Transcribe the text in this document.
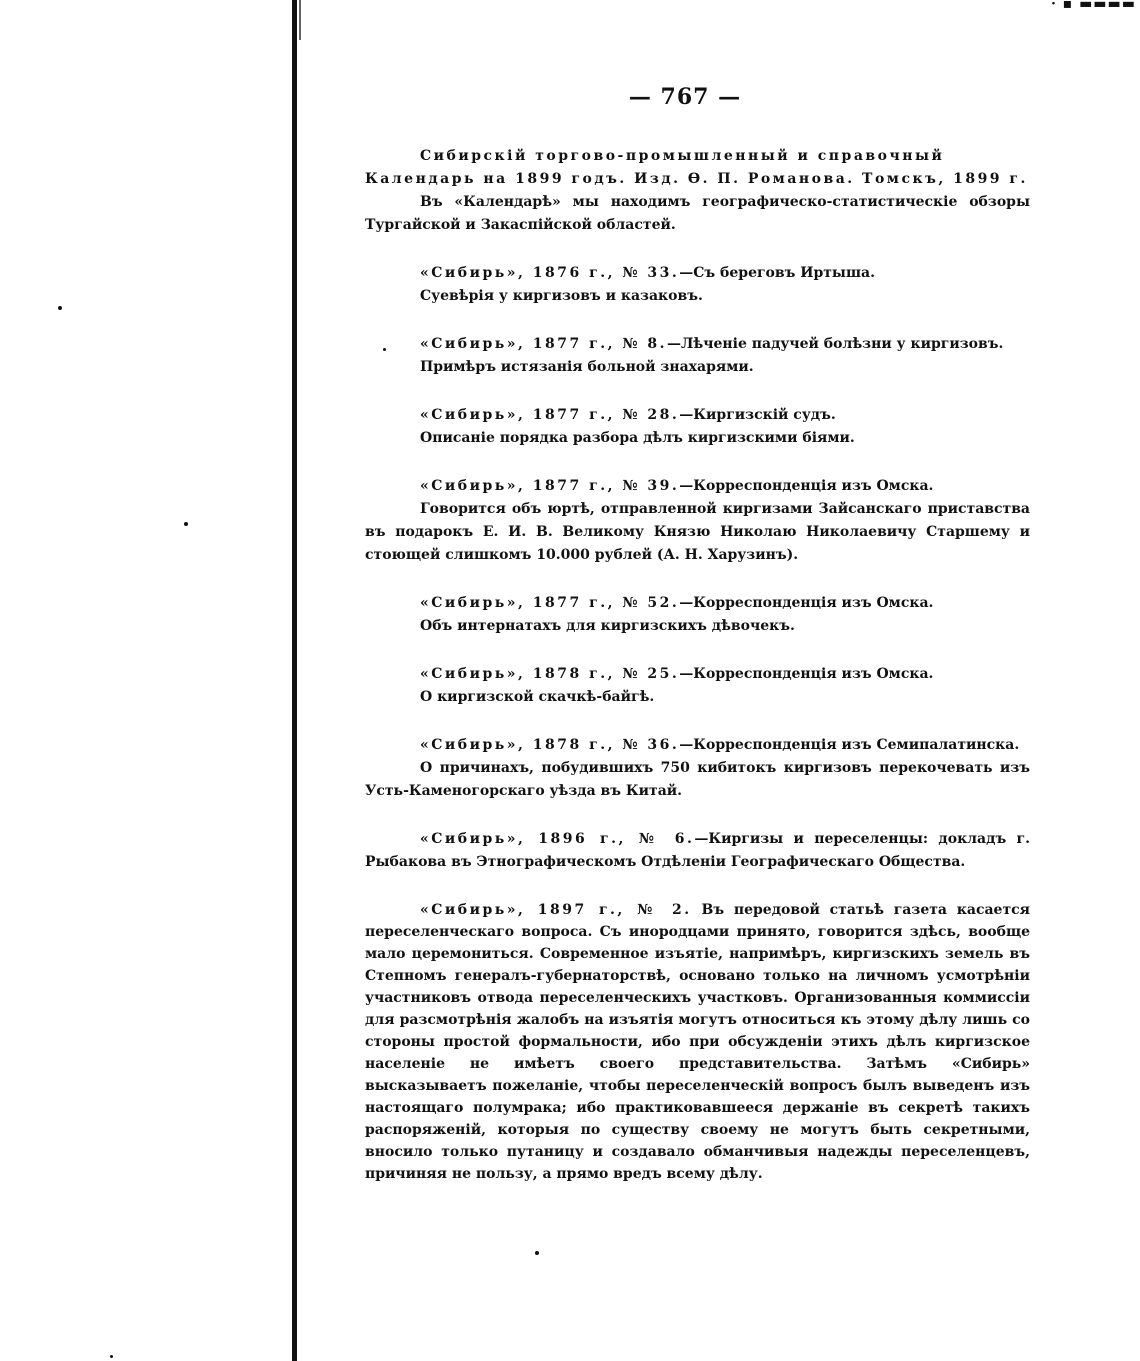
· ▪ ▬▬▬▬
— 767 —

Сибирскій торгово-промышленный и справочный

Календарь на 1899 годъ. Изд. Ѳ. П. Романова. Томскъ, 1899 г.

Въ «Календарѣ» мы находимъ географическо-статистическіе обзоры Тургайской и Закаспійской областей.

«Сибирь», 1876 г., № 33.—Съ береговъ Иртыша.

Суевѣрія у киргизовъ и казаковъ.

«Сибирь», 1877 г., № 8.—Лѣченіе падучей болѣзни у киргизовъ.

Примѣръ истязанія больной знахарями.

«Сибирь», 1877 г., № 28.—Киргизскій судъ.

Описаніе порядка разбора дѣлъ киргизскими біями.

«Сибирь», 1877 г., № 39.—Корреспонденція изъ Омска.

Говорится объ юртѣ, отправленной киргизами Зайсанскаго приставства въ подарокъ Е. И. В. Великому Князю Николаю Николаевичу Старшему и стоющей слишкомъ 10.000 рублей (А. Н. Харузинъ).

«Сибирь», 1877 г., № 52.—Корреспонденція изъ Омска.

Объ интернатахъ для киргизскихъ дѣвочекъ.

«Сибирь», 1878 г., № 25.—Корреспонденція изъ Омска.

О киргизской скачкѣ-байгѣ.

«Сибирь», 1878 г., № 36.—Корреспонденція изъ Семипалатинска.

О причинахъ, побудившихъ 750 кибитокъ киргизовъ перекочевать изъ Усть-Каменогорскаго уѣзда въ Китай.

«Сибирь», 1896 г., № 6.—Киргизы и переселенцы: докладъ г. Рыбакова въ Этнографическомъ Отдѣленіи Географическаго Общества.

«Сибирь», 1897 г., № 2. Въ передовой статьѣ газета касается переселенческаго вопроса. Съ инородцами принято, говорится здѣсь, вообще мало церемониться. Современное изъятіе, напримѣръ, киргизскихъ земель въ Степномъ генералъ-губернаторствѣ, основано только на личномъ усмотрѣніи участниковъ отвода переселенческихъ участковъ. Организованныя коммиссіи для разсмотрѣнія жалобъ на изъятія могутъ относиться къ этому дѣлу лишь со стороны простой формальности, ибо при обсужденіи этихъ дѣлъ киргизское населеніе не имѣетъ своего представительства. Затѣмъ «Сибирь» высказываетъ пожеланіе, чтобы переселенческій вопросъ былъ выведенъ изъ настоящаго полумрака; ибо практиковавшееся держаніе въ секретѣ такихъ распоряженій, которыя по существу своему не могутъ быть секретными, вносило только путаницу и создавало обманчивыя надежды переселенцевъ, причиняя не пользу, а прямо вредъ всему дѣлу.
